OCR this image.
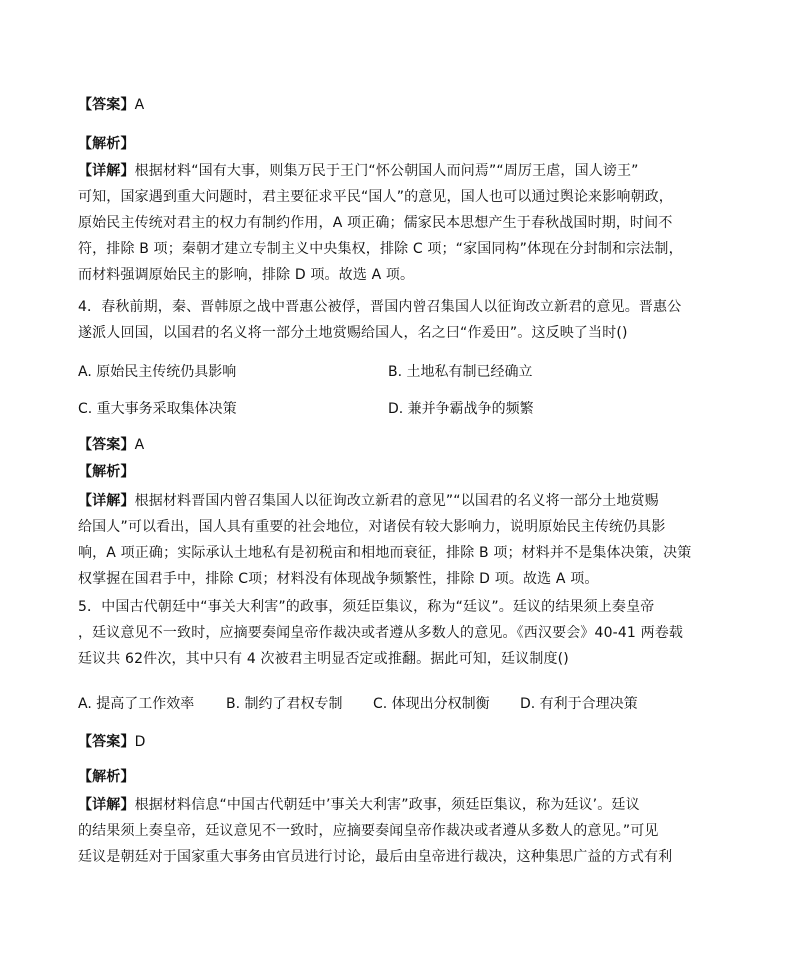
【答案】A
【解析】
【详解】根据材料“国有大事，则集万民于王门“怀公朝国人而问焉”“周厉王虐，国人谤王”
可知，国家遇到重大问题时，君主要征求平民“国人”的意见，国人也可以通过舆论来影响朝政，
原始民主传统对君主的权力有制约作用，A 项正确；儒家民本思想产生于春秋战国时期，时间不
符，排除 B 项；秦朝才建立专制主义中央集权，排除 C 项；“家国同构”体现在分封制和宗法制，
而材料强调原始民主的影响，排除 D 项。故选 A 项。
4．春秋前期，秦、晋韩原之战中晋惠公被俘，晋国内曾召集国人以征询改立新君的意见。晋惠公
遂派人回国，以国君的名义将一部分土地赏赐给国人，名之曰“作爰田”。这反映了当时()
A. 原始民主传统仍具影响	B. 土地私有制已经确立
C. 重大事务采取集体决策	D. 兼并争霸战争的频繁
【答案】A
【解析】
【详解】根据材料晋国内曾召集国人以征询改立新君的意见”“以国君的名义将一部分土地赏赐
给国人”可以看出，国人具有重要的社会地位，对诸侯有较大影响力，说明原始民主传统仍具影
响，A 项正确；实际承认土地私有是初税亩和相地而衰征，排除 B 项；材料并不是集体决策，决策
权掌握在国君手中，排除 C项；材料没有体现战争频繁性，排除 D 项。故选 A 项。
5．中国古代朝廷中“事关大利害”的政事，须廷臣集议，称为“廷议”。廷议的结果须上奏皇帝
，廷议意见不一致时，应摘要奏闻皇帝作裁决或者遵从多数人的意见。《西汉要会》40-41 两卷载
廷议共 62件次，其中只有 4 次被君主明显否定或推翻。据此可知，廷议制度()
A. 提高了工作效率 B. 制约了君权专制 C. 体现出分权制衡 D. 有利于合理决策
【答案】D
【解析】
【详解】根据材料信息“中国古代朝廷中’事关大利害”政事，须廷臣集议，称为廷议’。廷议
的结果须上奏皇帝，廷议意见不一致时，应摘要奏闻皇帝作裁决或者遵从多数人的意见。”可见
廷议是朝廷对于国家重大事务由官员进行讨论，最后由皇帝进行裁决，这种集思广益的方式有利
